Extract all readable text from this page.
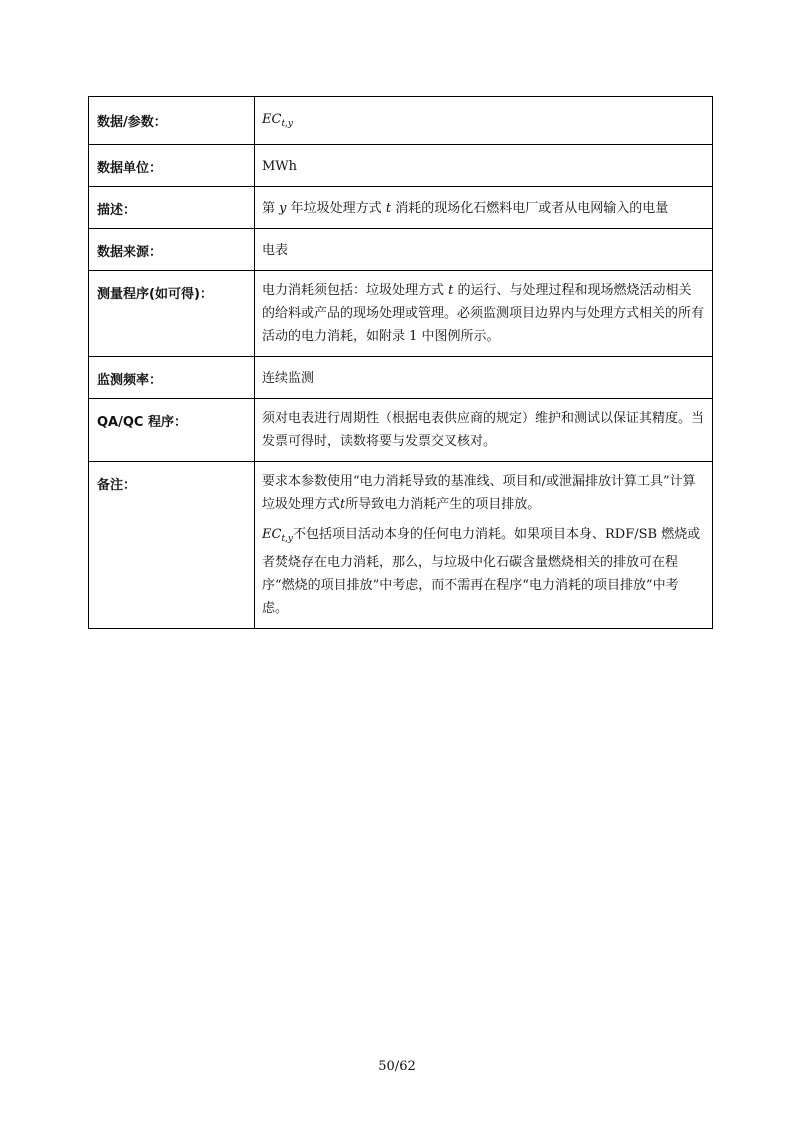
数据/参数：	$EC_{t,y}$
数据单位：	MWh
描述：	第 y 年垃圾处理方式 t 消耗的现场化石燃料电厂或者从电网输入的电量
数据来源：	电表
测量程序(如可得)：	电力消耗须包括：垃圾处理方式 t 的运行、与处理过程和现场燃烧活动相关的给料或产品的现场处理或管理。必须监测项目边界内与处理方式相关的所有活动的电力消耗，如附录 1 中图例所示。
监测频率：	连续监测
QA/QC 程序：	须对电表进行周期性（根据电表供应商的规定）维护和测试以保证其精度。当发票可得时，读数将要与发票交叉核对。
备注：	要求本参数使用“电力消耗导致的基准线、项目和/或泄漏排放计算工具”计算垃圾处理方式t所导致电力消耗产生的项目排放。

$EC_{t,y}$不包括项目活动本身的任何电力消耗。如果项目本身、RDF/SB 燃烧或者焚烧存在电力消耗，那么，与垃圾中化石碳含量燃烧相关的排放可在程序“燃烧的项目排放”中考虑，而不需再在程序“电力消耗的项目排放”中考虑。

50/62
